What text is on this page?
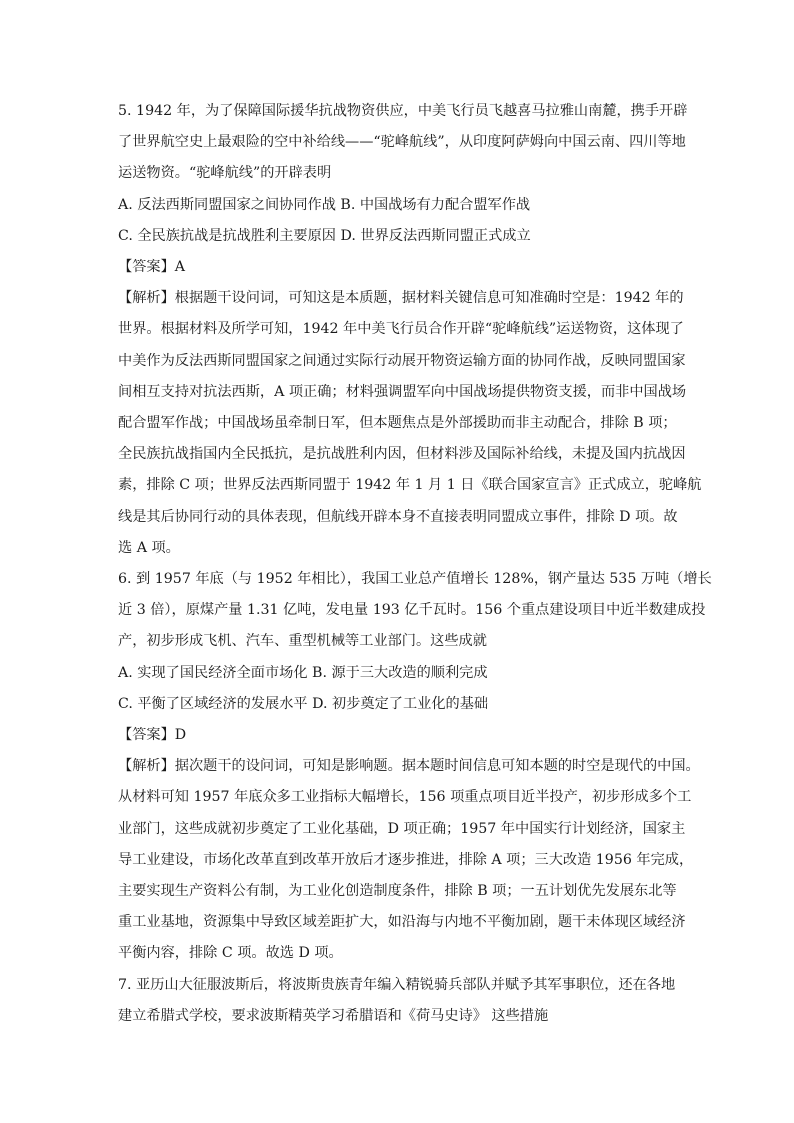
5. 1942 年，为了保障国际援华抗战物资供应，中美飞行员飞越喜马拉雅山南麓，携手开辟
了世界航空史上最艰险的空中补给线——“驼峰航线”，从印度阿萨姆向中国云南、四川等地
运送物资。“驼峰航线”的开辟表明

A. 反法西斯同盟国家之间协同作战 B. 中国战场有力配合盟军作战
C. 全民族抗战是抗战胜利主要原因 D. 世界反法西斯同盟正式成立

【答案】A

【解析】根据题干设问词，可知这是本质题，据材料关键信息可知准确时空是：1942 年的
世界。根据材料及所学可知，1942 年中美飞行员合作开辟“驼峰航线”运送物资，这体现了
中美作为反法西斯同盟国家之间通过实际行动展开物资运输方面的协同作战，反映同盟国家
间相互支持对抗法西斯，A 项正确；材料强调盟军向中国战场提供物资支援，而非中国战场
配合盟军作战；中国战场虽牵制日军，但本题焦点是外部援助而非主动配合，排除 B 项；
全民族抗战指国内全民抵抗，是抗战胜利内因，但材料涉及国际补给线，未提及国内抗战因
素，排除 C 项；世界反法西斯同盟于 1942 年 1 月 1 日《联合国家宣言》正式成立，驼峰航
线是其后协同行动的具体表现，但航线开辟本身不直接表明同盟成立事件，排除 D 项。故
选 A 项。

6. 到 1957 年底（与 1952 年相比），我国工业总产值增长 128%，钢产量达 535 万吨（增长
近 3 倍），原煤产量 1.31 亿吨，发电量 193 亿千瓦时。156 个重点建设项目中近半数建成投
产，初步形成飞机、汽车、重型机械等工业部门。这些成就

A. 实现了国民经济全面市场化 B. 源于三大改造的顺利完成
C. 平衡了区域经济的发展水平 D. 初步奠定了工业化的基础

【答案】D

【解析】据次题干的设问词，可知是影响题。据本题时间信息可知本题的时空是现代的中国。
从材料可知 1957 年底众多工业指标大幅增长，156 项重点项目近半投产，初步形成多个工
业部门，这些成就初步奠定了工业化基础，D 项正确；1957 年中国实行计划经济，国家主
导工业建设，市场化改革直到改革开放后才逐步推进，排除 A 项；三大改造 1956 年完成，
主要实现生产资料公有制，为工业化创造制度条件，排除 B 项；一五计划优先发展东北等
重工业基地，资源集中导致区域差距扩大，如沿海与内地不平衡加剧，题干未体现区域经济
平衡内容，排除 C 项。故选 D 项。

7. 亚历山大征服波斯后，将波斯贵族青年编入精锐骑兵部队并赋予其军事职位，还在各地
建立希腊式学校，要求波斯精英学习希腊语和《荷马史诗》 这些措施
